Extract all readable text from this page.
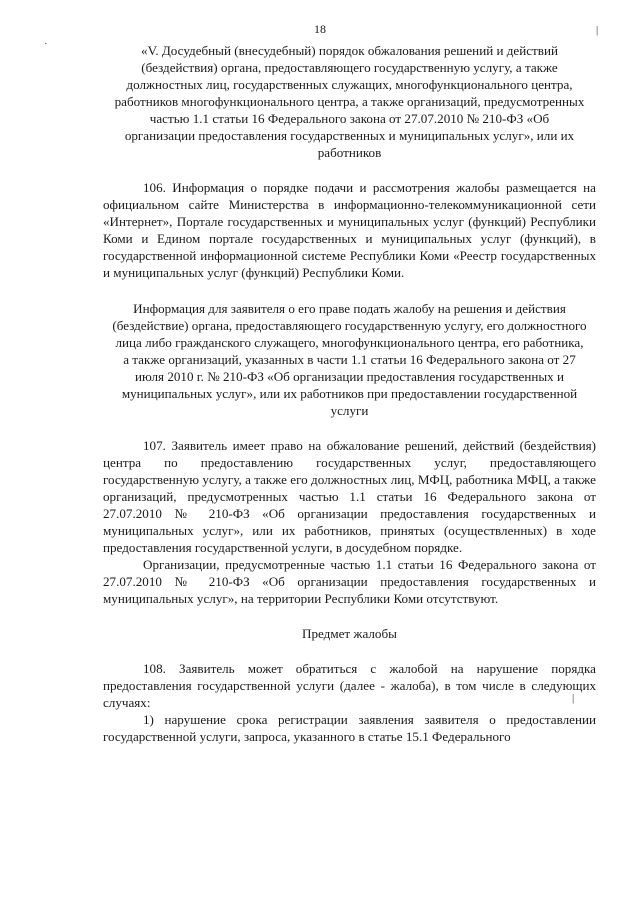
18	|
·
|

«V. Досудебный (внесудебный) порядок обжалования решений и действий (бездействия) органа, предоставляющего государственную услугу, а также должностных лиц, государственных служащих, многофункционального центра, работников многофункционального центра, а также организаций, предусмотренных частью 1.1 статьи 16 Федерального закона от 27.07.2010 № 210-ФЗ «Об организации предоставления государственных и муниципальных услуг», или их работников

106. Информация о порядке подачи и рассмотрения жалобы размещается на официальном сайте Министерства в информационно-телекоммуникационной сети «Интернет», Портале государственных и муниципальных услуг (функций) Республики Коми и Едином портале государственных и муниципальных услуг (функций), в государственной информационной системе Республики Коми «Реестр государственных и муниципальных услуг (функций) Республики Коми.

Информация для заявителя о его праве подать жалобу на решения и действия (бездействие) органа, предоставляющего государственную услугу, его должностного лица либо гражданского служащего, многофункционального центра, его работника, а также организаций, указанных в части 1.1 статьи 16 Федерального закона от 27 июля 2010 г. № 210-ФЗ «Об организации предоставления государственных и муниципальных услуг», или их работников при предоставлении государственной услуги

107. Заявитель имеет право на обжалование решений, действий (бездействия) центра по предоставлению государственных услуг, предоставляющего государственную услугу, а также его должностных лиц, МФЦ, работника МФЦ, а также организаций, предусмотренных частью 1.1 статьи 16 Федерального закона от 27.07.2010 № 210-ФЗ «Об организации предоставления государственных и муниципальных услуг», или их работников, принятых (осуществленных) в ходе предоставления государственной услуги, в досудебном порядке.

Организации, предусмотренные частью 1.1 статьи 16 Федерального закона от 27.07.2010 № 210-ФЗ «Об организации предоставления государственных и муниципальных услуг», на территории Республики Коми отсутствуют.

Предмет жалобы

108. Заявитель может обратиться с жалобой на нарушение порядка предоставления государственной услуги (далее - жалоба), в том числе в следующих случаях:

1) нарушение срока регистрации заявления заявителя о предоставлении государственной услуги, запроса, указанного в статье 15.1 Федерального
